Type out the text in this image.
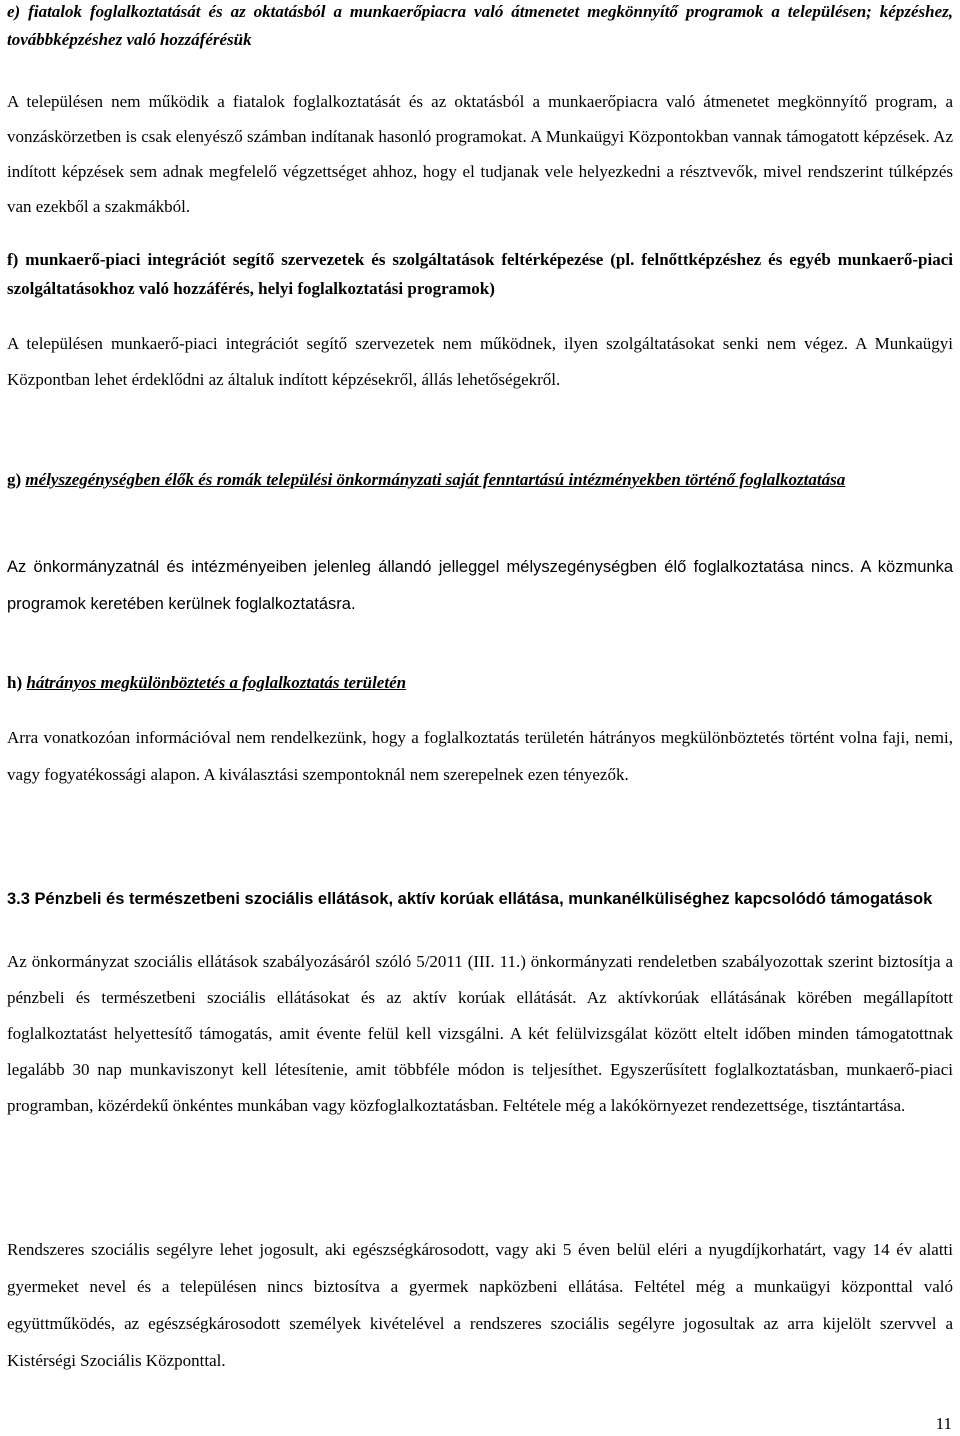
e) fiatalok foglalkoztatását és az oktatásból a munkaerőpiacra való átmenetet megkönnyítő programok a településen; képzéshez, továbbképzéshez való hozzáférésük

A településen nem működik a fiatalok foglalkoztatását és az oktatásból a munkaerőpiacra való átmenetet megkönnyítő program, a vonzáskörzetben is csak elenyésző számban indítanak hasonló programokat. A Munkaügyi Központokban vannak támogatott képzések. Az indított képzések sem adnak megfelelő végzettséget ahhoz, hogy el tudjanak vele helyezkedni a résztvevők, mivel rendszerint túlképzés van ezekből a szakmákból.

f) munkaerő-piaci integrációt segítő szervezetek és szolgáltatások feltérképezése (pl. felnőttképzéshez és egyéb munkaerő-piaci szolgáltatásokhoz való hozzáférés, helyi foglalkoztatási programok)

A településen munkaerő-piaci integrációt segítő szervezetek nem működnek, ilyen szolgáltatásokat senki nem végez. A Munkaügyi Központban lehet érdeklődni az általuk indított képzésekről, állás lehetőségekről.

g) mélyszegénységben élők és romák települési önkormányzati saját fenntartású intézményekben történő foglalkoztatása

Az önkormányzatnál és intézményeiben jelenleg állandó jelleggel mélyszegénységben élő foglalkoztatása nincs. A közmunka programok keretében kerülnek foglalkoztatásra.

h) hátrányos megkülönböztetés a foglalkoztatás területén

Arra vonatkozóan információval nem rendelkezünk, hogy a foglalkoztatás területén hátrányos megkülönböztetés történt volna faji, nemi, vagy fogyatékossági alapon. A kiválasztási szempontoknál nem szerepelnek ezen tényezők.

3.3 Pénzbeli és természetbeni szociális ellátások, aktív korúak ellátása, munkanélküliséghez kapcsolódó támogatások

Az önkormányzat szociális ellátások szabályozásáról szóló 5/2011 (III. 11.) önkormányzati rendeletben szabályozottak szerint biztosítja a pénzbeli és természetbeni szociális ellátásokat és az aktív korúak ellátását. Az aktívkorúak ellátásának körében megállapított foglalkoztatást helyettesítő támogatás, amit évente felül kell vizsgálni. A két felülvizsgálat között eltelt időben minden támogatottnak legalább 30 nap munkaviszonyt kell létesítenie, amit többféle módon is teljesíthet. Egyszerűsített foglalkoztatásban, munkaerő-piaci programban, közérdekű önkéntes munkában vagy közfoglalkoztatásban. Feltétele még a lakókörnyezet rendezettsége, tisztántartása.

Rendszeres szociális segélyre lehet jogosult, aki egészségkárosodott, vagy aki 5 éven belül eléri a nyugdíjkorhatárt, vagy 14 év alatti gyermeket nevel és a településen nincs biztosítva a gyermek napközbeni ellátása. Feltétel még a munkaügyi központtal való együttműködés, az egészségkárosodott személyek kivételével a rendszeres szociális segélyre jogosultak az arra kijelölt szervvel a Kistérségi Szociális Központtal.

11
